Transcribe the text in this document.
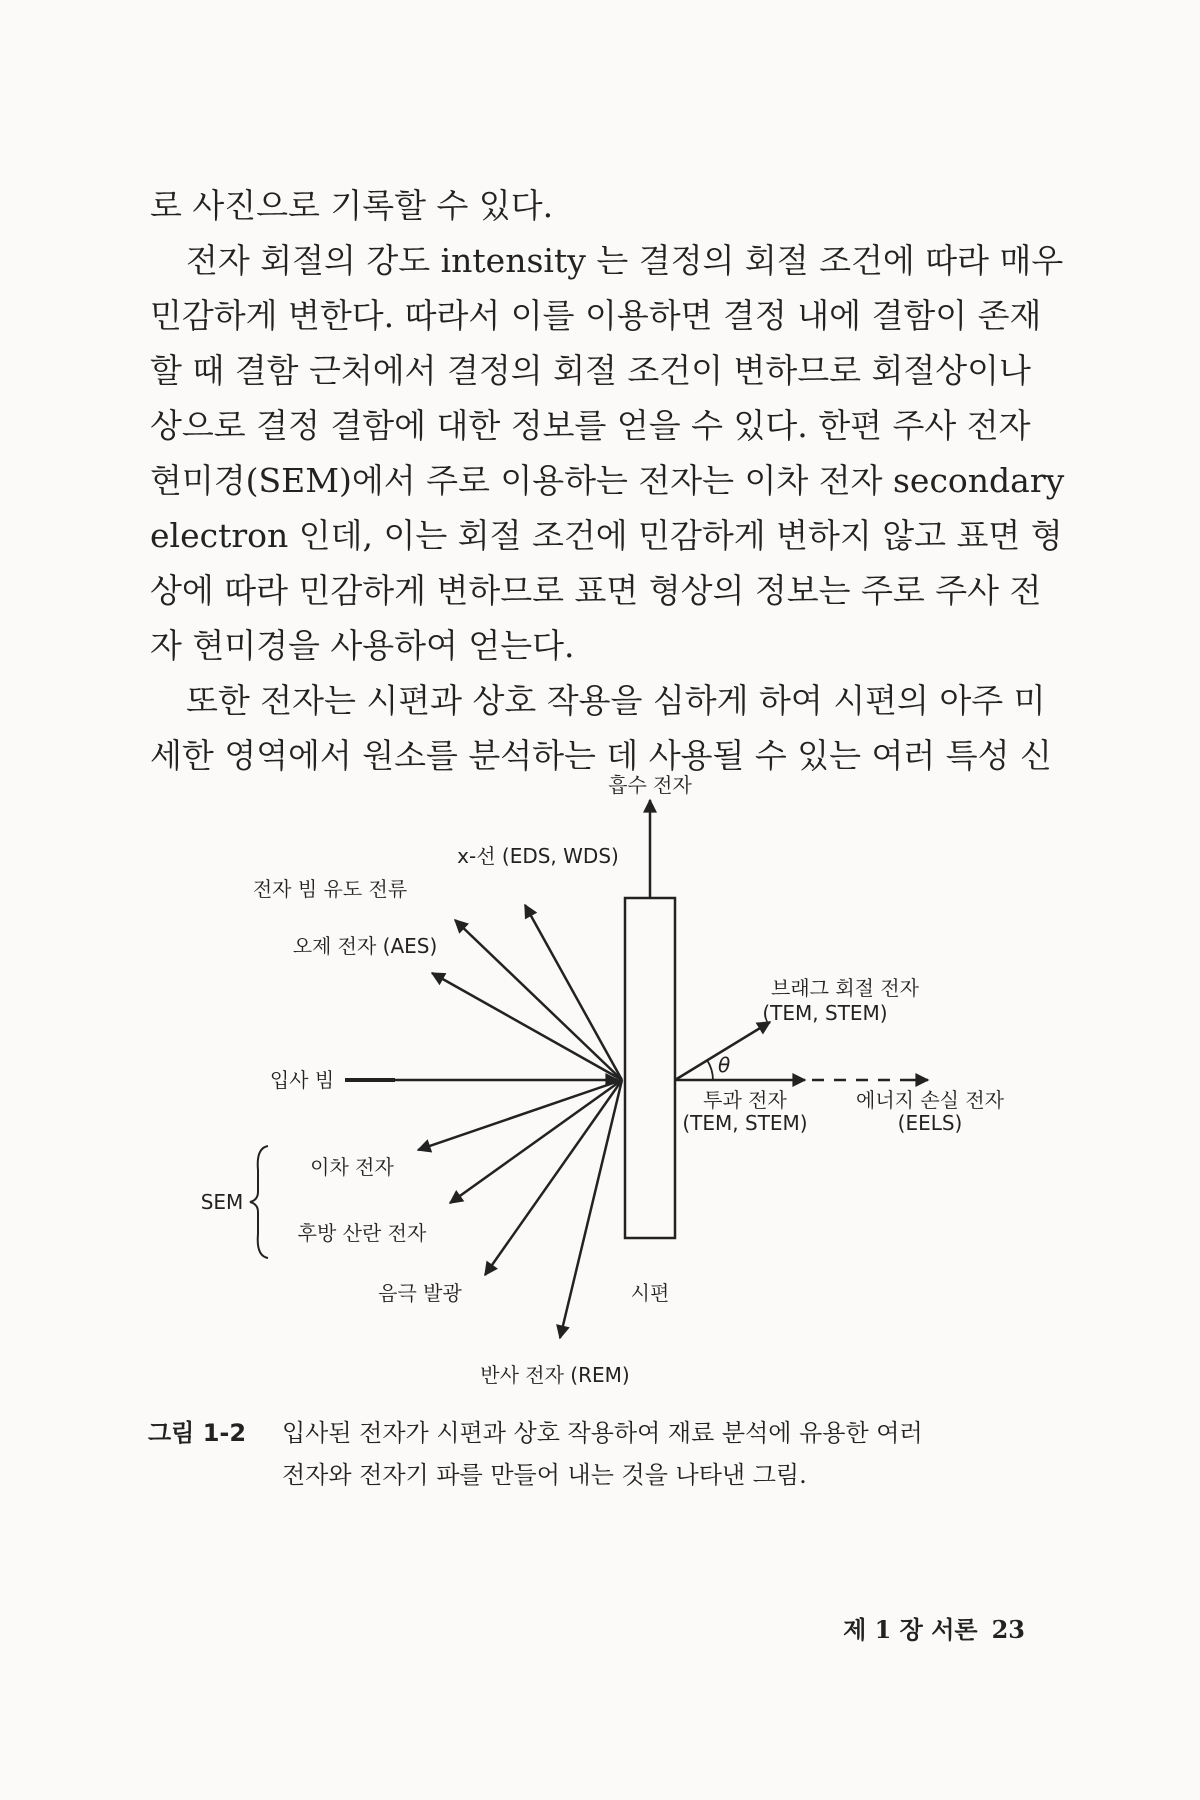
로 사진으로 기록할 수 있다.

전자 회절의 강도 intensity 는 결정의 회절 조건에 따라 매우
민감하게 변한다. 따라서 이를 이용하면 결정 내에 결함이 존재
할 때 결함 근처에서 결정의 회절 조건이 변하므로 회절상이나
상으로 결정 결함에 대한 정보를 얻을 수 있다. 한편 주사 전자
현미경(SEM)에서 주로 이용하는 전자는 이차 전자 secondary
electron 인데, 이는 회절 조건에 민감하게 변하지 않고 표면 형
상에 따라 민감하게 변하므로 표면 형상의 정보는 주로 주사 전
자 현미경을 사용하여 얻는다.

또한 전자는 시편과 상호 작용을 심하게 하여 시편의 아주 미
세한 영역에서 원소를 분석하는 데 사용될 수 있는 여러 특성 신

흡수 전자
x-선 (EDS, WDS)
전자 빔 유도 전류
오제 전자 (AES)
브래그 회절 전자
(TEM, STEM)
θ
입사 빔
투과 전자
(TEM, STEM)
에너지 손실 전자
(EELS)
SEM
이차 전자
후방 산란 전자
음극 발광	시편
반사 전자 (REM)
그림 1-2 입사된 전자가 시편과 상호 작용하여 재료 분석에 유용한 여러
전자와 전자기 파를 만들어 내는 것을 나타낸 그림.
제 1 장 서론 23
